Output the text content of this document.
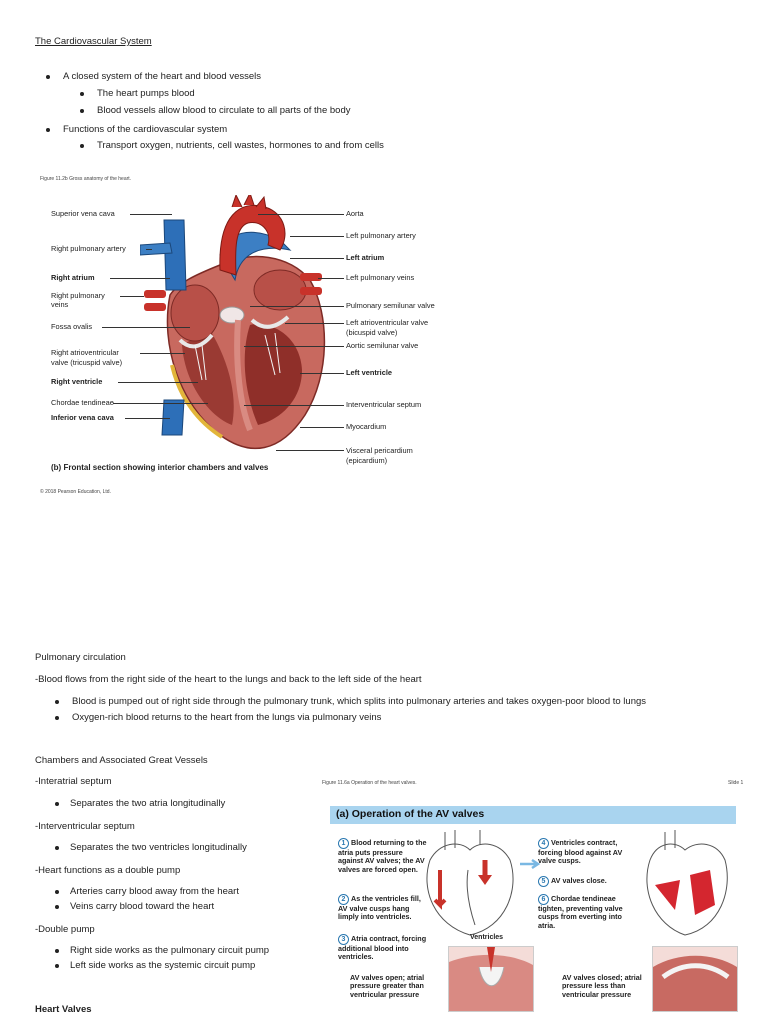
The Cardiovascular System
A closed system of the heart and blood vessels
The heart pumps blood
Blood vessels allow blood to circulate to all parts of the body
Functions of the cardiovascular system
Transport oxygen, nutrients, cell wastes, hormones to and from cells
Figure 11.2b Gross anatomy of the heart.
Superior vena cava
Right pulmonary artery
Right atrium
Right pulmonary
veins
Fossa ovalis
Right atrioventricular
valve (tricuspid valve)
Right ventricle
Chordae tendineae
Inferior vena cava
Aorta
Left pulmonary artery
Left atrium
Left pulmonary veins
Pulmonary semilunar valve
Left atrioventricular valve
(bicuspid valve)
Aortic semilunar valve
Left ventricle
Interventricular septum
Myocardium
Visceral pericardium
(epicardium)
(b) Frontal section showing interior chambers and valves
© 2018 Pearson Education, Ltd.
Pulmonary circulation
-Blood flows from the right side of the heart to the lungs and back to the left side of the heart
Blood is pumped out of right side through the pulmonary trunk, which splits into pulmonary arteries and takes oxygen-poor blood to lungs
Oxygen-rich blood returns to the heart from the lungs via pulmonary veins
Chambers and Associated Great Vessels
-Interatrial septum
Separates the two atria longitudinally
-Interventricular septum
Separates the two ventricles longitudinally
-Heart functions as a double pump
Arteries carry blood away from the heart
Veins carry blood toward the heart
-Double pump
Right side works as the pulmonary circuit pump
Left side works as the systemic circuit pump
Heart Valves
Figure 11.6a Operation of the heart valves.	Slide 1
(a) Operation of the AV valves
1 Blood returning to the atria puts pressure against AV valves; the AV valves are forced open.
2 As the ventricles fill, AV valve cusps hang limply into ventricles.
3 Atria contract, forcing additional blood into ventricles.
4 Ventricles contract, forcing blood against AV valve cusps.
5 AV valves close.
6 Chordae tendineae tighten, preventing valve cusps from everting into atria.
Ventricles
AV valves open; atrial pressure greater than ventricular pressure
AV valves closed; atrial pressure less than ventricular pressure
